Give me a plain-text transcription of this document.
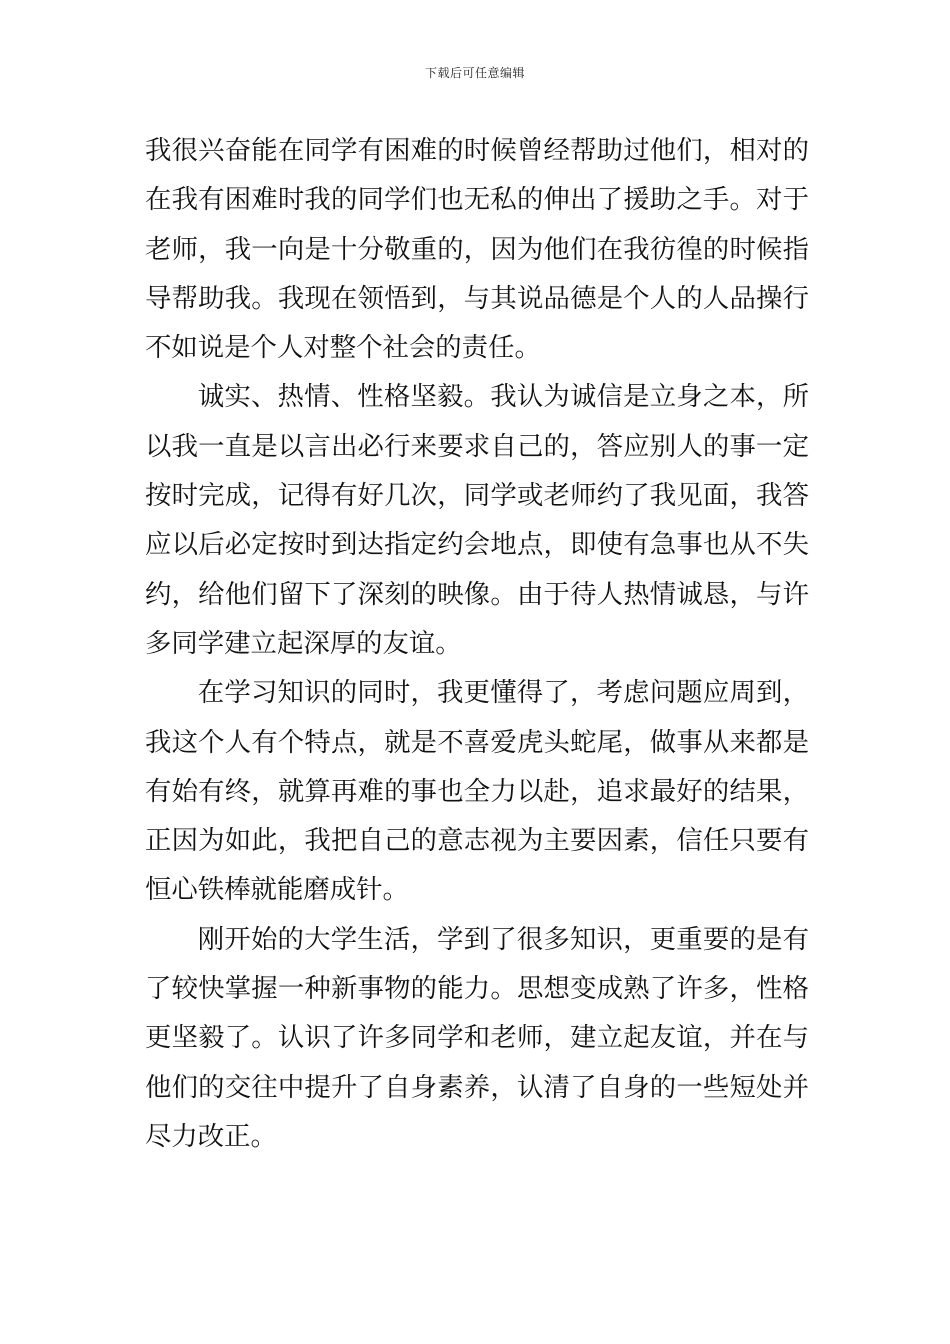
下载后可任意编辑

我很兴奋能在同学有困难的时候曾经帮助过他们，相对的在我有困难时我的同学们也无私的伸出了援助之手。对于老师，我一向是十分敬重的，因为他们在我彷徨的时候指导帮助我。我现在领悟到，与其说品德是个人的人品操行不如说是个人对整个社会的责任。

诚实、热情、性格坚毅。我认为诚信是立身之本，所以我一直是以言出必行来要求自己的，答应别人的事一定按时完成，记得有好几次，同学或老师约了我见面，我答应以后必定按时到达指定约会地点，即使有急事也从不失约，给他们留下了深刻的映像。由于待人热情诚恳，与许多同学建立起深厚的友谊。

在学习知识的同时，我更懂得了，考虑问题应周到，我这个人有个特点，就是不喜爱虎头蛇尾，做事从来都是有始有终，就算再难的事也全力以赴，追求最好的结果，正因为如此，我把自己的意志视为主要因素，信任只要有恒心铁棒就能磨成针。

刚开始的大学生活，学到了很多知识，更重要的是有了较快掌握一种新事物的能力。思想变成熟了许多，性格更坚毅了。认识了许多同学和老师，建立起友谊，并在与他们的交往中提升了自身素养，认清了自身的一些短处并尽力改正。
